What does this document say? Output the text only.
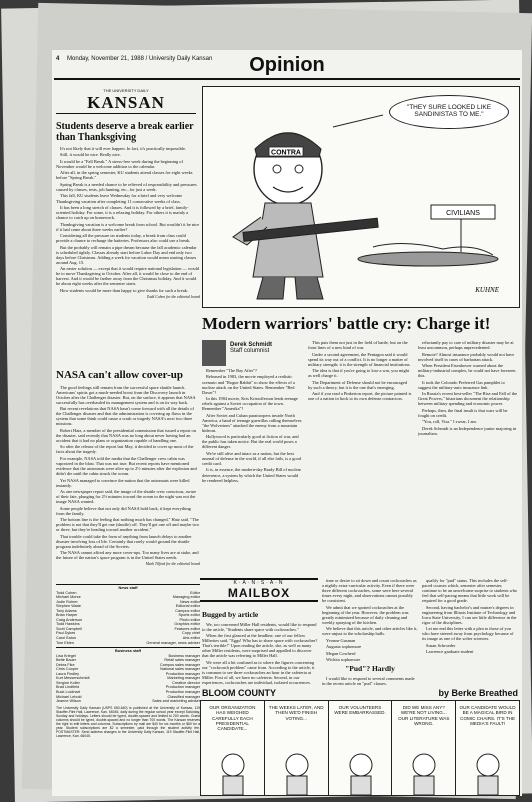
4 Monday, November 21, 1988 / University Daily Kansan	Opinion
THE UNIVERSITY DAILY
KANSAN
Students deserve a break earlier than Thanksgiving

It's not likely that it will ever happen. In fact, it's practically impossible.

Still, it would be nice. Really nice.

It would be a "Fall Break." A stress-free week during the beginning of November would be a welcome addition to the calendar.

After all, in the spring semester, KU students attend classes for eight weeks before "Spring Break."

Spring Break is a needed chance to be relieved of responsibility and pressures caused by classes, tests, job hunting, etc., for just a week.

This fall, KU students leave Wednesday for a brief and very welcome Thanksgiving vacation after completing 11 consecutive weeks of class.

It has been a long stretch of classes. And it is followed by a brief, family-oriented holiday. For some, it is a relaxing holiday. For others it is mainly a chance to catch up on homework.

Thanksgiving vacation is a welcome break from school. But wouldn't it be nice if it had come about three weeks earlier?

Considering all the pressure on students today, a break from class could provide a chance to recharge the batteries. Professors also could use a break.

But the probably will remain a pipe dream because the fall academic calendar is scheduled tightly. Classes already start before Labor Day and end only two days before Christmas. Adding a week for vacation would mean starting classes around Aug. 15.

An easier solution — except that it would require national legislation — would be to move Thanksgiving to October. After all, it would be close to the end of harvest. And it would be farther away from the Christmas holiday. And it would be about eight weeks after the semester starts.

How students would be more than happy to give thanks for such a break.

Todd Cohen for the editorial board
NASA can't allow cover-up

The good feelings still remain from the successful space shuttle launch. Americans' spirits got a much-needed boost from the Discovery launch in October after the Challenger disaster. But, on the surface, it appears that NASA successfully has overhauled its management system and is on its way back.

But recent revelations that NASA hasn't come forward with all the details of the Challenger disaster and that the administration is covering up flaws in the system that some think could cause a crash or tragedy NASA's next two three missions.

Robert Hatz, a member of the presidential commission that issued a report on the disaster, said recently that NASA was no long about never having had an accident that it had no plans or organization capable of handling one.

So after the release of the report last May, it decided to cover up most of the facts about the tragedy.

For example, NASA told the media that the Challenger crew cabin was vaporized in the blast. That was not true. But recent reports have mentioned evidence that the astronauts were alive up to 2½ minutes after the explosion and didn't die until the cabin struck the ocean.

Yet NASA managed to convince the nation that the astronauts were killed instantly.

As one newspaper report said, the image of the shuttle crew conscious, aware of their fate, plunging for 2½ minutes toward the ocean in the night was not the image NASA wanted.

Some people believe that not only did NASA hold back, it kept everything from the family.

The bottom line is the feeling that nothing much has changed," Hatz said. "The problem is not that they'll get one (shuttle) off. They'll get one off and maybe two or three, but they're heading toward another accident."

That trouble could take the form of anything from launch delays to another disaster involving loss of life. Certainly that rarely would ground the shuttle program indefinitely ahead of the Soviets.

The NASA cannot afford any more cover-ups. Too many lives are at stake, and the future of the nation's space program is in the United States needs.

Mark Tilford for the editorial board
News staff
Todd Cohen	Editor
Michael Morse	Managing editor
Jodie Rohrer	News editor
Stephen Wade	Editorial editor
Tony Adams	Campus editor
Brian Harper	Sports editor
Craig Anderson	Photo editor
Todd Hawkins	Graphics editor
Scott Campbell	Features editor
Paul Dykes	Copy chief
Carol Eaton	Arts editor
Tom Eblen	General manager, news adviser
Business staff
Lisa Kriegel	Business manager
Bette Bauer	Retail sales manager
Debra Fike	Campus sales manager
Chris Cooper	National sales manager
Laura Findley	Production manager
Kurt Messerschmidt	Marketing manager
Sergine Koller	Creative director
Brad Lindfield	Production manager
Buck Lockhart	Production manager
Michael Lebold	Classified manager
Jeanne Wilson	Sales and marketing adviser
The University Daily Kansan (USPS 650-640) is published at the University of Kansas, 119 Stauffer-Flint Hall, Lawrence, Kan. 66045, daily during the regular school year except Saturday, Sunday and holidays. Letters should be typed, double-spaced and limited to 200 words. Guest columns should be typed, double-spaced and no longer than 700 words. The Kansan reserves the right to edit letters and columns. Subscriptions by mail are $40 for six months or $60 for a year. Student subscriptions are $2 a semester, paid through the student activity fee. POSTMASTER: Send address changes to the University Daily Kansan, 119 Stauffer-Flint Hall, Lawrence, Kan. 66045.
"THEY SURE LOOKED LIKE SANDINISTAS TO ME."
CONTRA
CIVILIANS
KUHNE
Modern warriors' battle cry: Charge it!
Derek Schmidt
Staff columnist

Remember "The Bay After"?

Released in 1983, the movie employed a realistic scenario and "Rogue Rabbit" to show the effects of a nuclear attack on the United States. Remember "Red Dawn"?

In this 1984 movie, Kris Kristofferson leads teenage rebels against a Soviet occupation of the town. Remember "Amerika"?

After Soviet and Cuban paratroopers invade North America, a band of teenage guerrillas calling themselves "the Wolverines" attacked the enemy from a mountain hideout.

Hollywood is particularly good at fiction of war, and the public has taken notice. But the real world poses a different danger.

We're still alive and intact as a nation, but the best arsenal of defense in the world, if all else fails, is a good credit card.

It is, in essence, the modern-day Brady Bill of nuclear deterrence, a system by which the United States would be rendered helpless.

This puts them not just in the field of battle, but on the front lines of a new kind of war.

Under a second agreement, the Pentagon said it would spend its way out of a conflict. It is no longer a matter of military strength; it is the strength of financial institutions.

The idea is that if you're going to lose a war, you might as well charge it.

The Department of Defense should not be encouraged by such a theory, but it is the one that's emerging.

And if you read a Pinkerton report, the picture painted is one of a nation in hock to its own defense contractors.

reluctantly pay to care of military disaster may be at least uncommon, perhaps unprecedented.

Remote? Almost insurance probably would not have involved itself in cases of barbarian attack.

When President Eisenhower warned about the military-industrial complex, he could not have foreseen this.

It took the Colorado Preferred Gas pamphlet to suggest the military-auto insurance link.

In Russia's recent best-seller "The Rise and Fall of the Great Powers," historians document the relationship between military spending and economic power.

Perhaps, then, the final insult is that wars will be fought on credit.

"You, roll, Visa." I swear, I am.

Derek Schmidt is an Independence junior majoring in journalism.

K·A·N·S·A·N
MAILBOX
Bugged by article

We, too concerned Miller Hall residents, would like to respond to the article, "Students share space with cockroaches."

When the first glanced at the headline, one of our fellow Millerites said, "Eggs! Who has to share space with cockroaches? That's terrible!" Upon reading the article, she, as well as many other Miller residents, were surprised and appalled to discover that the article was referring to Miller Hall.

We were all a bit confused as to where the figures concerning our "cockroach problem" came from. According to the article, it is common to see three cockroaches an hour in the cafeteria at Miller. First of all, we have no cafeteria. Second, in our experiences, cockroaches are individual, isolated occurrences.

time or desire to sit down and count cockroaches as a nightly extra-curricular activity. Even if there were three different cockroaches, some were here several times every night, and observations cannot possibly be consistent.

We admit that we spotted cockroaches at the beginning of the year. However, the problem was greatly minimized because of daily cleaning and weekly spraying of the kitchen.

We believe that this article, and other articles like it, were unjust to the scholarship halls.

Yvonne Gusman

Augusta sophomore

Megan Cowherd

Wichita sophomore

"Pud"? Hardly

I would like to respond to several comments made in the recent article on "pud" classes.

qualify for "pud" status. This includes the self-paced courses which, semester after semester, continue to be an unwelcome surprise to students who feel that self-pacing means that little work will be required for a good grade.

Second, having bachelor's and master's degrees in engineering from Illinois Institute of Technology and Iowa State University, I can see little difference in the rigor of the disciplines.

Let me end this letter with a plea to those of you who have steered away from psychology because of its image as one of the softer sciences.

Susan Schroeder

Lawrence graduate student

BLOOM COUNTY	by Berke Breathed
OUR ORGANIZATION HAS WEIGHED CAREFULLY EACH PRESIDENTIAL CANDIDATE...
THE WEEKS LATER, AND THEN WE'D FINISH VOTING...
OUR VOLUNTEERS WERE EMBARRASSED.
DID WE MISS ANY? WE'RE NOT LIVING... OUR LITERATURE WAS WRONG.
OUR CANDIDATE WOULD BE A MAGICAL BIRD IN COMIC CHAIRS. IT'S THE MEDIA'S FAULT!
